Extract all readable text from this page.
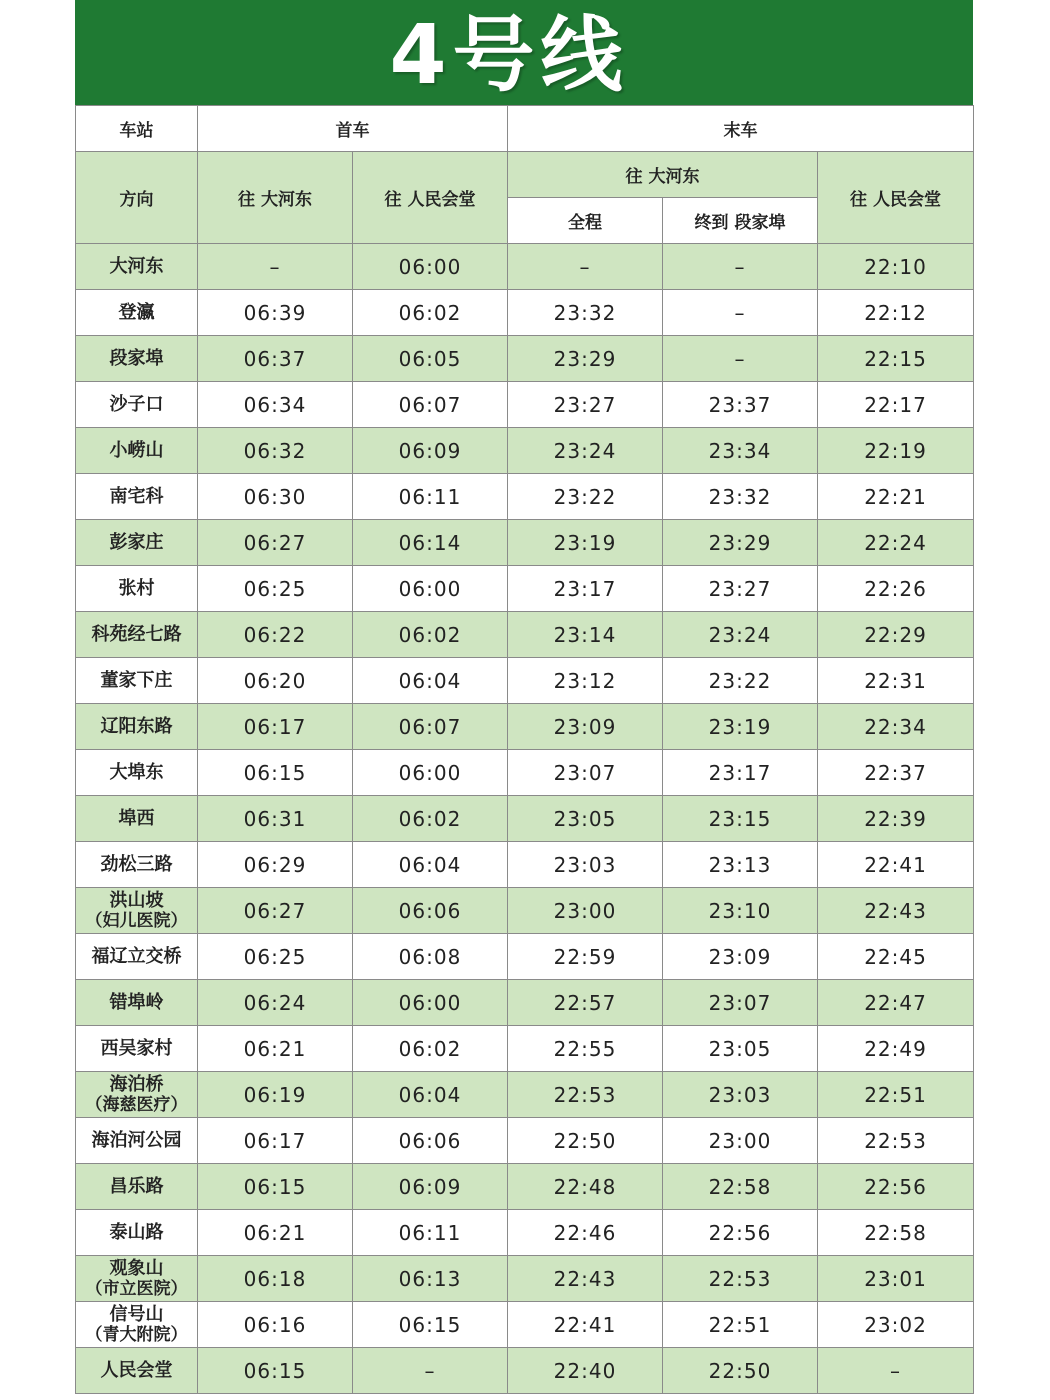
4号线
车站	首车		末车		
方向	往 大河东	往 人民会堂	往 大河东		往 人民会堂
			全程	终到 段家埠	
大河东	–	06:00	–	–	22:10
登瀛	06:39	06:02	23:32	–	22:12
段家埠	06:37	06:05	23:29	–	22:15
沙子口	06:34	06:07	23:27	23:37	22:17
小崂山	06:32	06:09	23:24	23:34	22:19
南宅科	06:30	06:11	23:22	23:32	22:21
彭家庄	06:27	06:14	23:19	23:29	22:24
张村	06:25	06:00	23:17	23:27	22:26
科苑经七路	06:22	06:02	23:14	23:24	22:29
董家下庄	06:20	06:04	23:12	23:22	22:31
辽阳东路	06:17	06:07	23:09	23:19	22:34
大埠东	06:15	06:00	23:07	23:17	22:37
埠西	06:31	06:02	23:05	23:15	22:39
劲松三路	06:29	06:04	23:03	23:13	22:41
洪山坡
（妇儿医院）	06:27	06:06	23:00	23:10	22:43
福辽立交桥	06:25	06:08	22:59	23:09	22:45
错埠岭	06:24	06:00	22:57	23:07	22:47
西吴家村	06:21	06:02	22:55	23:05	22:49
海泊桥
（海慈医疗）	06:19	06:04	22:53	23:03	22:51
海泊河公园	06:17	06:06	22:50	23:00	22:53
昌乐路	06:15	06:09	22:48	22:58	22:56
泰山路	06:21	06:11	22:46	22:56	22:58
观象山
（市立医院）	06:18	06:13	22:43	22:53	23:01
信号山
（青大附院）	06:16	06:15	22:41	22:51	23:02
人民会堂	06:15	–	22:40	22:50	–
